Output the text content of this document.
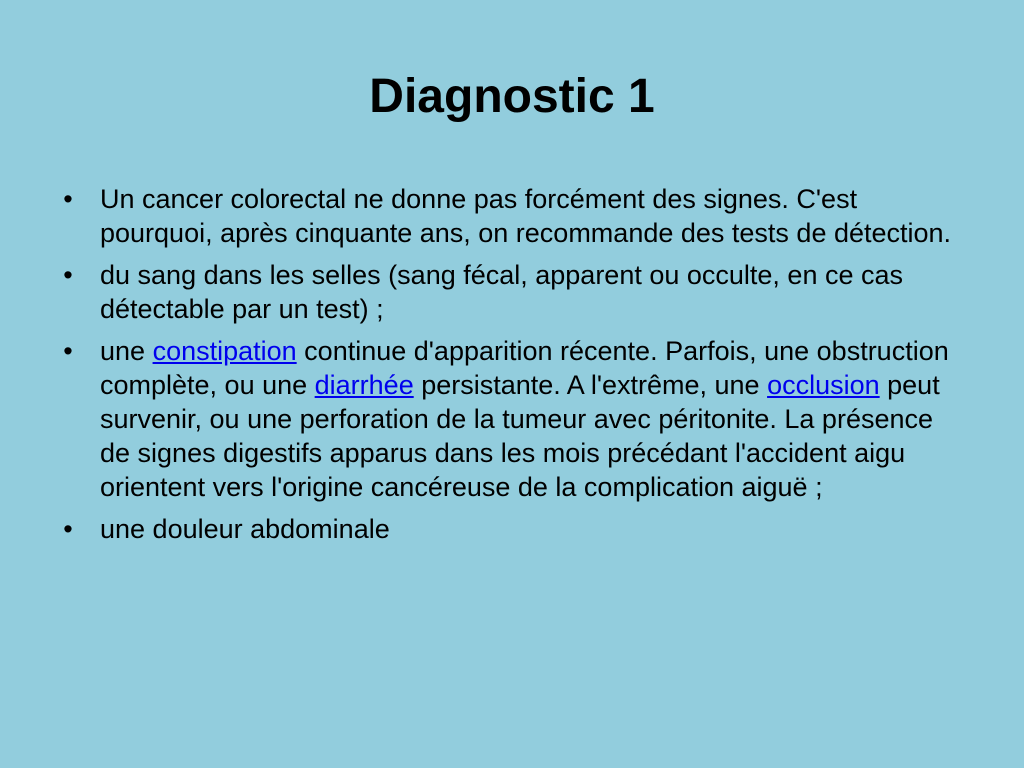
Diagnostic 1
• Un cancer colorectal ne donne pas forcément des signes. C'est pourquoi, après cinquante ans, on recommande des tests de détection.
• du sang dans les selles (sang fécal, apparent ou occulte, en ce cas détectable par un test) ;
• une constipation continue d'apparition récente. Parfois, une obstruction complète, ou une diarrhée persistante. A l'extrême, une occlusion peut survenir, ou une perforation de la tumeur avec péritonite. La présence de signes digestifs apparus dans les mois précédant l'accident aigu orientent vers l'origine cancéreuse de la complication aiguë ;
• une douleur abdominale
